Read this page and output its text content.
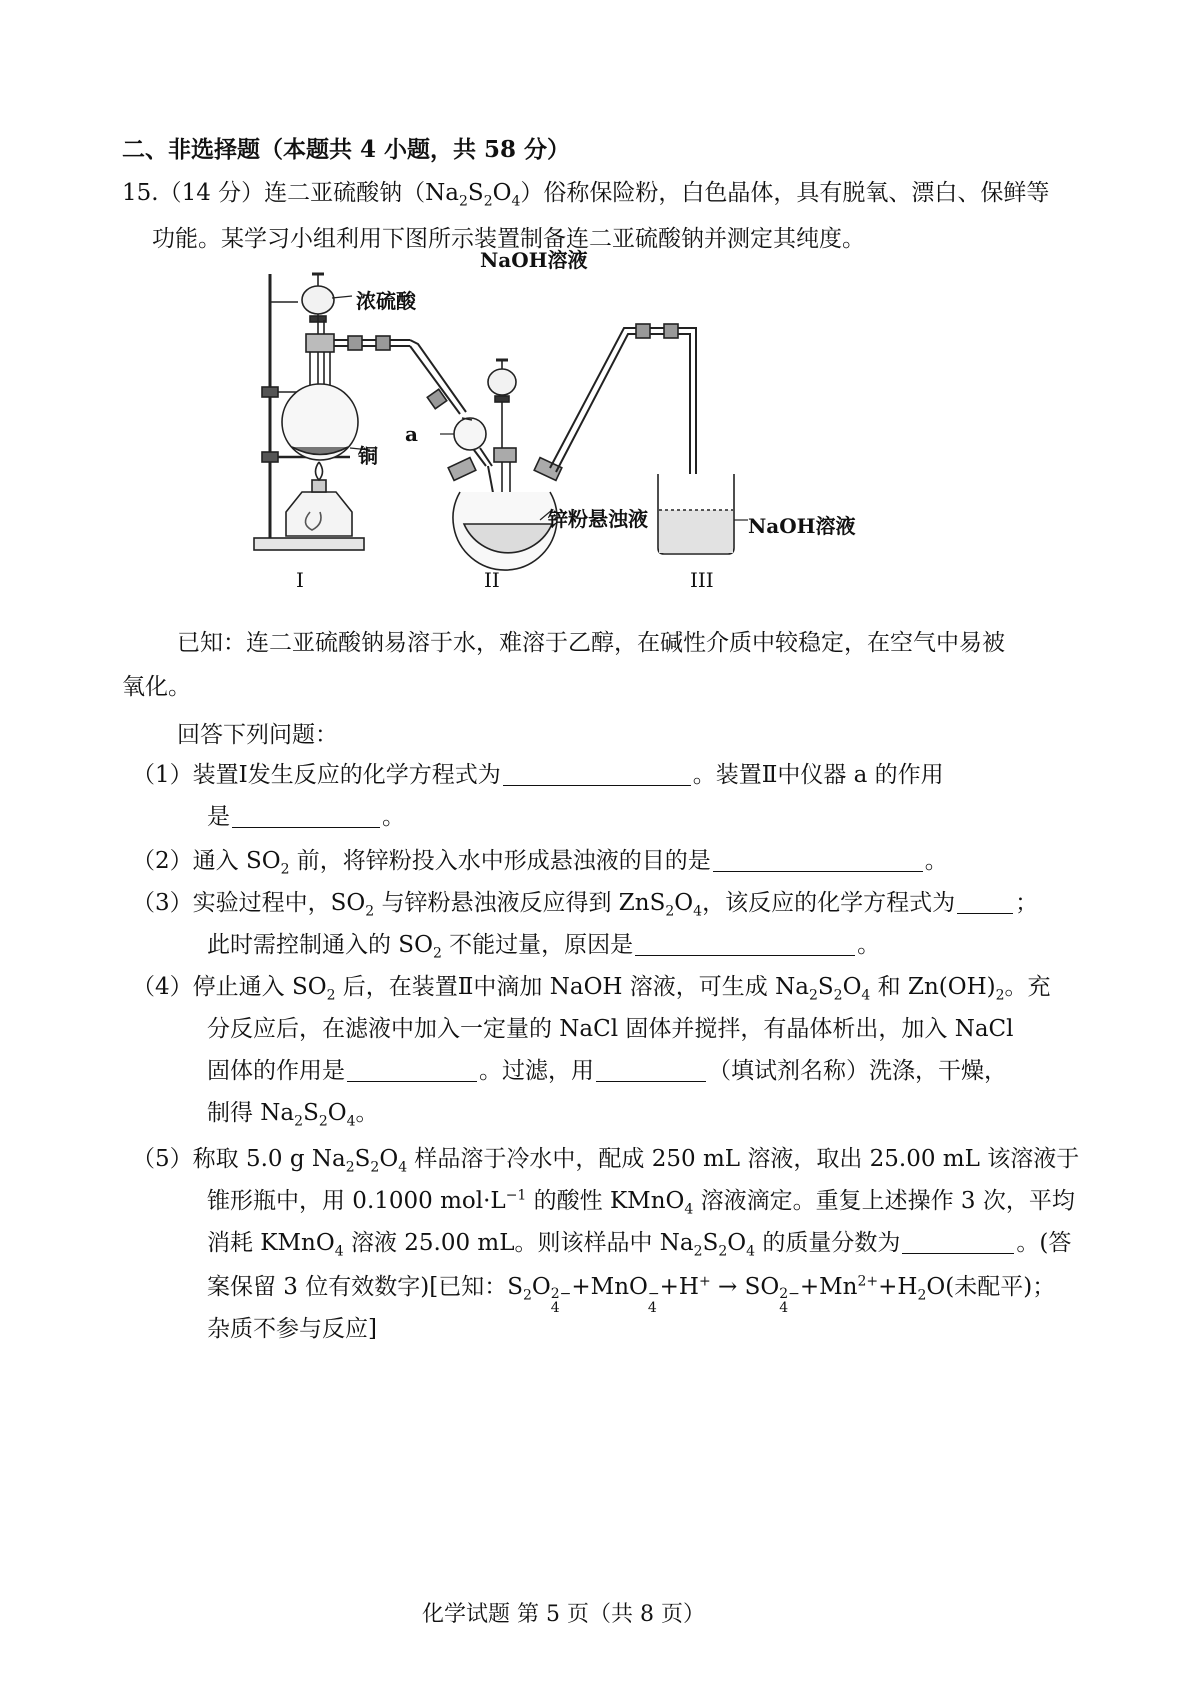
二、非选择题（本题共 4 小题，共 58 分）
15.（14 分）连二亚硫酸钠$(Na_2S_2O_4)$俗称保险粉，白色晶体，具有脱氧、漂白、保鲜等
功能。某学习小组利用下图所示装置制备连二亚硫酸钠并测定其纯度。
浓硫酸
NaOH溶液
a
铜
锌粉悬浊液	NaOH溶液
I	II	III
已知：连二亚硫酸钠易溶于水，难溶于乙醇，在碱性介质中较稳定，在空气中易被
氧化。
回答下列问题：
（1）装置Ⅰ发生反应的化学方程式为	。装置Ⅱ中仪器 a 的作用
是	。
（2）通入 $SO_2$ 前，将锌粉投入水中形成悬浊液的目的是	。
（3）实验过程中，$SO_2$ 与锌粉悬浊液反应得到 $ZnS_2O_4$，该反应的化学方程式为	；
此时需控制通入的 $SO_2$ 不能过量，原因是	。
（4）停止通入 $SO_2$ 后，在装置Ⅱ中滴加 NaOH 溶液，可生成 $Na_2S_2O_4$ 和 $Zn(OH)_2$。充
分反应后，在滤液中加入一定量的 NaCl 固体并搅拌，有晶体析出，加入 NaCl
固体的作用是	。过滤，用	（填试剂名称）洗涤，干燥，
制得 $Na_2S_2O_4$。
（5）称取 5.0 g $Na_2S_2O_4$ 样品溶于冷水中，配成 250 mL 溶液，取出 25.00 mL 该溶液于
锥形瓶中，用 0.1000 $mol\cdot L^{-1}$ 的酸性 KMnO$_4$ 溶液滴定。重复上述操作 3 次，平均
消耗 KMnO$_4$ 溶液 25.00 mL。则该样品中 $Na_2S_2O_4$ 的质量分数为	。(答
案保留 3 位有效数字)[已知：$S_2O$ 2−
4
+MnO −
4
+H+ → SO 2−
4
$+Mn^{2+}+H_2O$(未配平)；
杂质不参与反应]
化学试题 第 5 页（共 8 页）
